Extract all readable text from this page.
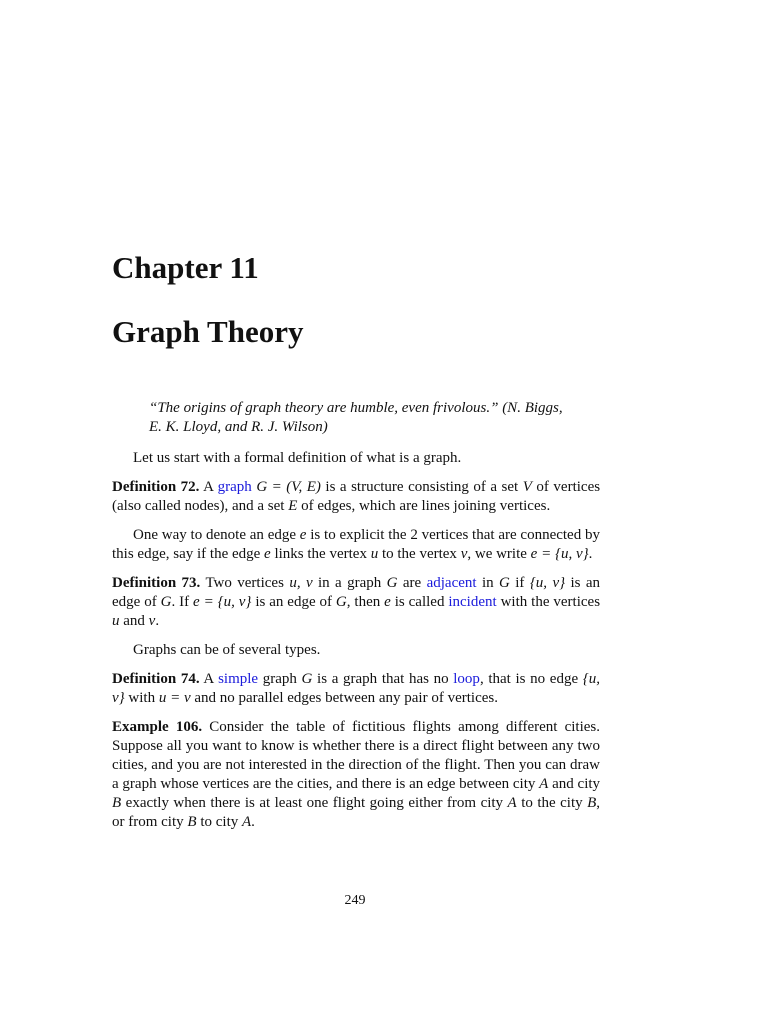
Chapter 11
Graph Theory

“The origins of graph theory are humble, even frivolous.” (N. Biggs, E. K. Lloyd, and R. J. Wilson)

Let us start with a formal definition of what is a graph.

Definition 72. A graph G = (V, E) is a structure consisting of a set V of vertices (also called nodes), and a set E of edges, which are lines joining vertices.

One way to denote an edge e is to explicit the 2 vertices that are connected by this edge, say if the edge e links the vertex u to the vertex v, we write e = {u, v}.

Definition 73. Two vertices u, v in a graph G are adjacent in G if {u, v} is an edge of G. If e = {u, v} is an edge of G, then e is called incident with the vertices u and v.

Graphs can be of several types.

Definition 74. A simple graph G is a graph that has no loop, that is no edge {u, v} with u = v and no parallel edges between any pair of vertices.

Example 106. Consider the table of fictitious flights among different cities. Suppose all you want to know is whether there is a direct flight between any two cities, and you are not interested in the direction of the flight. Then you can draw a graph whose vertices are the cities, and there is an edge between city A and city B exactly when there is at least one flight going either from city A to the city B, or from city B to city A.

249
